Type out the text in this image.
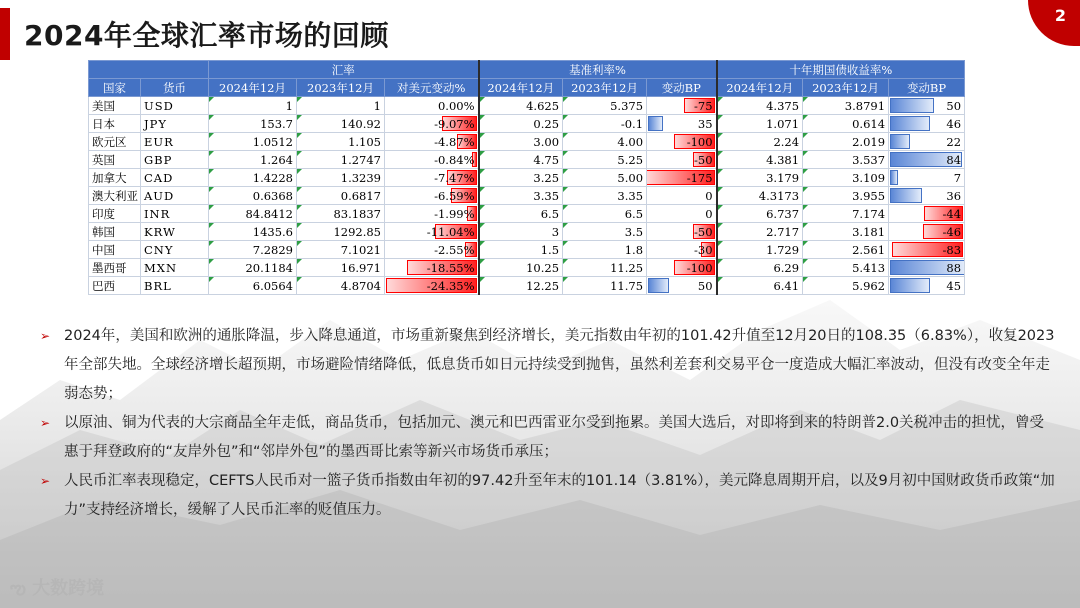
2024年全球汇率市场的回顾
2
		汇率			基准利率%			十年期国债收益率%		
国家	货币	2024年12月	2023年12月	对美元变动%	2024年12月	2023年12月	变动BP	2024年12月	2023年12月	变动BP
美国	USD	1	1	0.00%	4.625	5.375	-75	4.375	3.8791	50
日本	JPY	153.7	140.92	-9.07%	0.25	-0.1	35	1.071	0.614	46
欧元区	EUR	1.0512	1.105	-4.87%	3.00	4.00	-100	2.24	2.019	22
英国	GBP	1.264	1.2747	-0.84%	4.75	5.25	-50	4.381	3.537	84
加拿大	CAD	1.4228	1.3239	-7.47%	3.25	5.00	-175	3.179	3.109	7
澳大利亚	AUD	0.6368	0.6817	-6.59%	3.35	3.35	0	4.3173	3.955	36
印度	INR	84.8412	83.1837	-1.99%	6.5	6.5	0	6.737	7.174	-44
韩国	KRW	1435.6	1292.85	-11.04%	3	3.5	-50	2.717	3.181	-46
中国	CNY	7.2829	7.1021	-2.55%	1.5	1.8	-30	1.729	2.561	-83
墨西哥	MXN	20.1184	16.971	-18.55%	10.25	11.25	-100	6.29	5.413	88
巴西	BRL	6.0564	4.8704	-24.35%	12.25	11.75	50	6.41	5.962	45
➢ 2024年，美国和欧洲的通胀降温，步入降息通道，市场重新聚焦到经济增长，美元指数由年初的101.42升值至12月20日的108.35（6.83%），收复2023年全部失地。全球经济增长超预期，市场避险情绪降低，低息货币如日元持续受到抛售，虽然利差套利交易平仓一度造成大幅汇率波动，但没有改变全年走弱态势；
➢ 以原油、铜为代表的大宗商品全年走低，商品货币，包括加元、澳元和巴西雷亚尔受到拖累。美国大选后，对即将到来的特朗普2.0关税冲击的担忧，曾受惠于拜登政府的“友岸外包”和“邻岸外包”的墨西哥比索等新兴市场货币承压；
➢ 人民币汇率表现稳定，CEFTS人民币对一篮子货币指数由年初的97.42升至年末的101.14（3.81%），美元降息周期开启，以及9月初中国财政货币政策“加力”支持经济增长，缓解了人民币汇率的贬值压力。
ఌ 大数跨境
